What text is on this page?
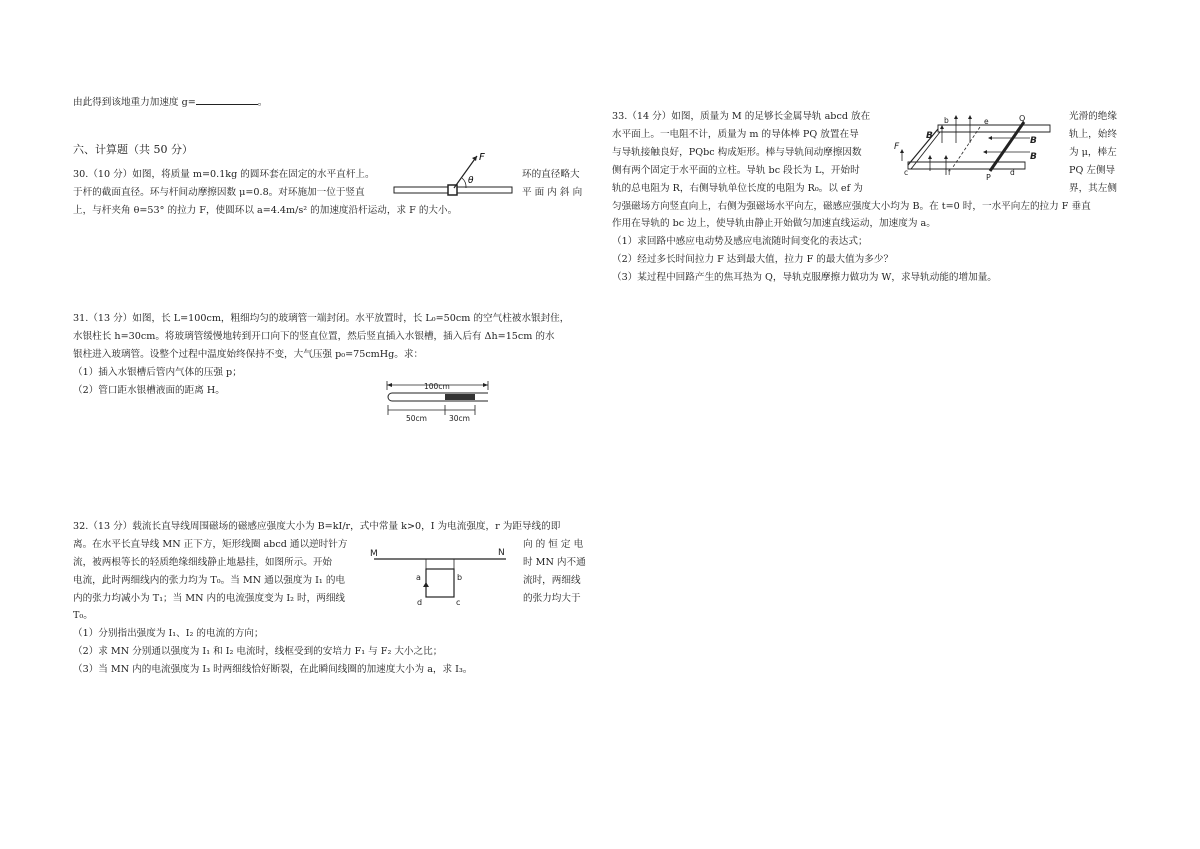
由此得到该地重力加速度 g=	。
六、计算题（共 50 分）
30.（10 分）如图，将质量 m=0.1kg 的圆环套在固定的水平直杆上。	环的直径略大
于杆的截面直径。环与杆间动摩擦因数 μ=0.8。对环施加一位于竖直	平 面 内 斜 向
上，与杆夹角 θ=53° 的拉力 F，使圆环以 a=4.4m/s² 的加速度沿杆运动，求 F 的大小。
F
θ
31.（13 分）如图，长 L=100cm，粗细均匀的玻璃管一端封闭。水平放置时，长 L₀=50cm 的空气柱被水银封住，
水银柱长 h=30cm。将玻璃管缓慢地转到开口向下的竖直位置，然后竖直插入水银槽，插入后有 Δh=15cm 的水
银柱进入玻璃管。设整个过程中温度始终保持不变，大气压强 p₀=75cmHg。求：
（1）插入水银槽后管内气体的压强 p；
（2）管口距水银槽液面的距离 H。	100cm
50cm	30cm
32.（13 分）载流长直导线周围磁场的磁感应强度大小为 B=kI/r，式中常量 k>0，I 为电流强度，r 为距导线的即
离。在水平长直导线 MN 正下方，矩形线圈 abcd 通以逆时针方	向 的 恒 定 电
流，被两根等长的轻质绝缘细线静止地悬挂，如图所示。开始	时 MN 内不通
电流，此时两细线内的张力均为 T₀。当 MN 通以强度为 I₁ 的电	流时，两细线
内的张力均减小为 T₁；当 MN 内的电流强度变为 I₂ 时，两细线	的张力均大于
T₀。
（1）分别指出强度为 I₁、I₂ 的电流的方向；
（2）求 MN 分别通以强度为 I₁ 和 I₂ 电流时，线框受到的安培力 F₁ 与 F₂ 大小之比；
（3）当 MN 内的电流强度为 I₃ 时两细线恰好断裂，在此瞬间线圈的加速度大小为 a，求 I₃。
M	N
a	b
c
d
33.（14 分）如图，质量为 M 的足够长金属导轨 abcd 放在	光滑的绝缘
水平面上。一电阻不计，质量为 m 的导体棒 PQ 放置在导	轨上，始终
与导轨接触良好，PQbc 构成矩形。棒与导轨间动摩擦因数	为 μ，棒左
侧有两个固定于水平面的立柱。导轨 bc 段长为 L，开始时	PQ 左侧导
轨的总电阻为 R，右侧导轨单位长度的电阻为 R₀。以 ef 为	界，其左侧
匀强磁场方向竖直向上，右侧为强磁场水平向左，磁感应强度大小均为 B。在 t=0 时，一水平向左的拉力 F 垂直
作用在导轨的 bc 边上，使导轨由静止开始做匀加速直线运动，加速度为 a。
（1）求回路中感应电动势及感应电流随时间变化的表达式；
（2）经过多长时间拉力 F 达到最大值，拉力 F 的最大值为多少？
（3）某过程中回路产生的焦耳热为 Q，导轨克服摩擦力做功为 W，求导轨动能的增加量。
F
b
c	d
e
f
P
Q
B	B
B
